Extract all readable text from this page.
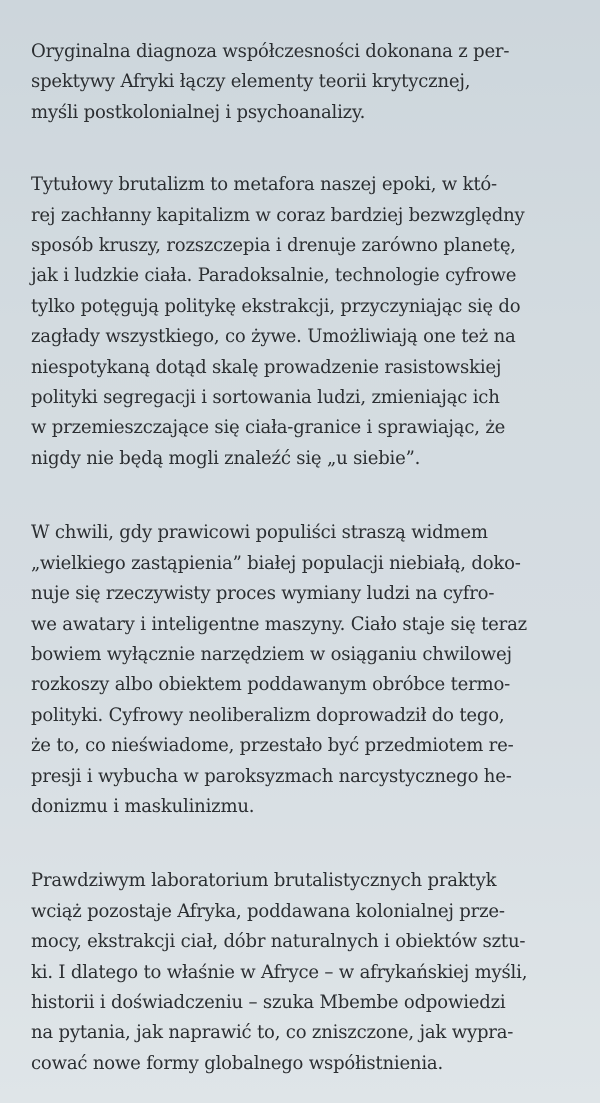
Oryginalna diagnoza współczesności dokonana z per-
spektywy Afryki łączy elementy teorii krytycznej,
myśli postkolonialnej i psychoanalizy.
Tytułowy brutalizm to metafora naszej epoki, w któ-
rej zachłanny kapitalizm w coraz bardziej bezwzględny
sposób kruszy, rozszczepia i drenuje zarówno planetę,
jak i ludzkie ciała. Paradoksalnie, technologie cyfrowe
tylko potęgują politykę ekstrakcji, przyczyniając się do
zagłady wszystkiego, co żywe. Umożliwiają one też na
niespotykaną dotąd skalę prowadzenie rasistowskiej
polityki segregacji i sortowania ludzi, zmieniając ich
w przemieszczające się ciała-granice i sprawiając, że
nigdy nie będą mogli znaleźć się „u siebie”.
W chwili, gdy prawicowi populiści straszą widmem
„wielkiego zastąpienia” białej populacji niebiałą, doko-
nuje się rzeczywisty proces wymiany ludzi na cyfro-
we awatary i inteligentne maszyny. Ciało staje się teraz
bowiem wyłącznie narzędziem w osiąganiu chwilowej
rozkoszy albo obiektem poddawanym obróbce termo-
polityki. Cyfrowy neoliberalizm doprowadził do tego,
że to, co nieświadome, przestało być przedmiotem re-
presji i wybucha w paroksyzmach narcystycznego he-
donizmu i maskulinizmu.
Prawdziwym laboratorium brutalistycznych praktyk
wciąż pozostaje Afryka, poddawana kolonialnej prze-
mocy, ekstrakcji ciał, dóbr naturalnych i obiektów sztu-
ki. I dlatego to właśnie w Afryce – w afrykańskiej myśli,
historii i doświadczeniu – szuka Mbembe odpowiedzi
na pytania, jak naprawić to, co zniszczone, jak wypra-
cować nowe formy globalnego współistnienia.
